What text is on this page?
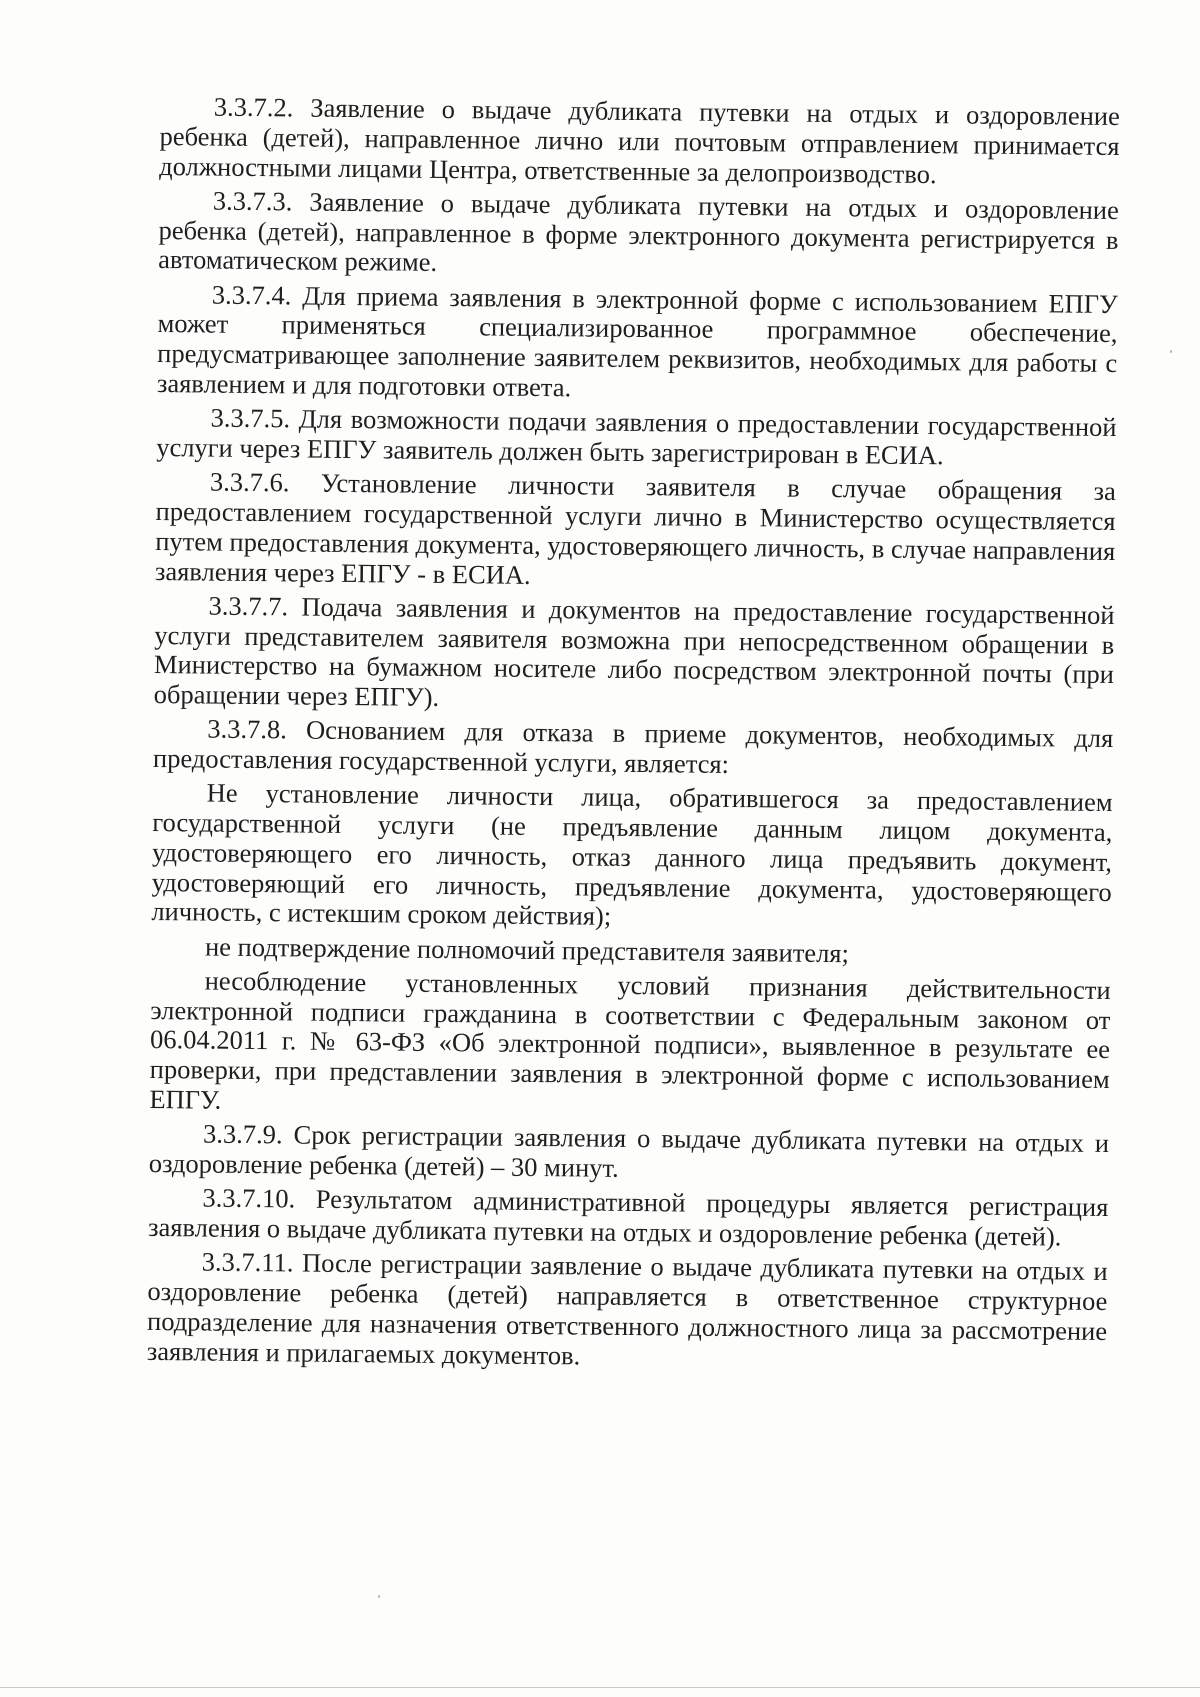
3.3.7.2. Заявление о выдаче дубликата путевки на отдых и оздоровление ребенка (детей), направленное лично или почтовым отправлением принимается должностными лицами Центра, ответственные за делопроизводство.

3.3.7.3. Заявление о выдаче дубликата путевки на отдых и оздоровление ребенка (детей), направленное в форме электронного документа регистрируется в автоматическом режиме.

3.3.7.4. Для приема заявления в электронной форме с использованием ЕПГУ может применяться специализированное программное обеспечение, предусматривающее заполнение заявителем реквизитов, необходимых для работы с заявлением и для подготовки ответа.

3.3.7.5. Для возможности подачи заявления о предоставлении государственной услуги через ЕПГУ заявитель должен быть зарегистрирован в ЕСИА.

3.3.7.6. Установление личности заявителя в случае обращения за предоставлением государственной услуги лично в Министерство осуществляется путем предоставления документа, удостоверяющего личность, в случае направления заявления через ЕПГУ - в ЕСИА.

3.3.7.7. Подача заявления и документов на предоставление государственной услуги представителем заявителя возможна при непосредственном обращении в Министерство на бумажном носителе либо посредством электронной почты (при обращении через ЕПГУ).

3.3.7.8. Основанием для отказа в приеме документов, необходимых для предоставления государственной услуги, является:

Не установление личности лица, обратившегося за предоставлением государственной услуги (не предъявление данным лицом документа, удостоверяющего его личность, отказ данного лица предъявить документ, удостоверяющий его личность, предъявление документа, удостоверяющего личность, с истекшим сроком действия);

не подтверждение полномочий представителя заявителя;

несоблюдение установленных условий признания действительности электронной подписи гражданина в соответствии с Федеральным законом от 06.04.2011 г. № 63-ФЗ «Об электронной подписи», выявленное в результате ее проверки, при представлении заявления в электронной форме с использованием ЕПГУ.

3.3.7.9. Срок регистрации заявления о выдаче дубликата путевки на отдых и оздоровление ребенка (детей) – 30 минут.

3.3.7.10. Результатом административной процедуры является регистрация заявления о выдаче дубликата путевки на отдых и оздоровление ребенка (детей).

3.3.7.11. После регистрации заявление о выдаче дубликата путевки на отдых и оздоровление ребенка (детей) направляется в ответственное структурное подразделение для назначения ответственного должностного лица за рассмотрение заявления и прилагаемых документов.
